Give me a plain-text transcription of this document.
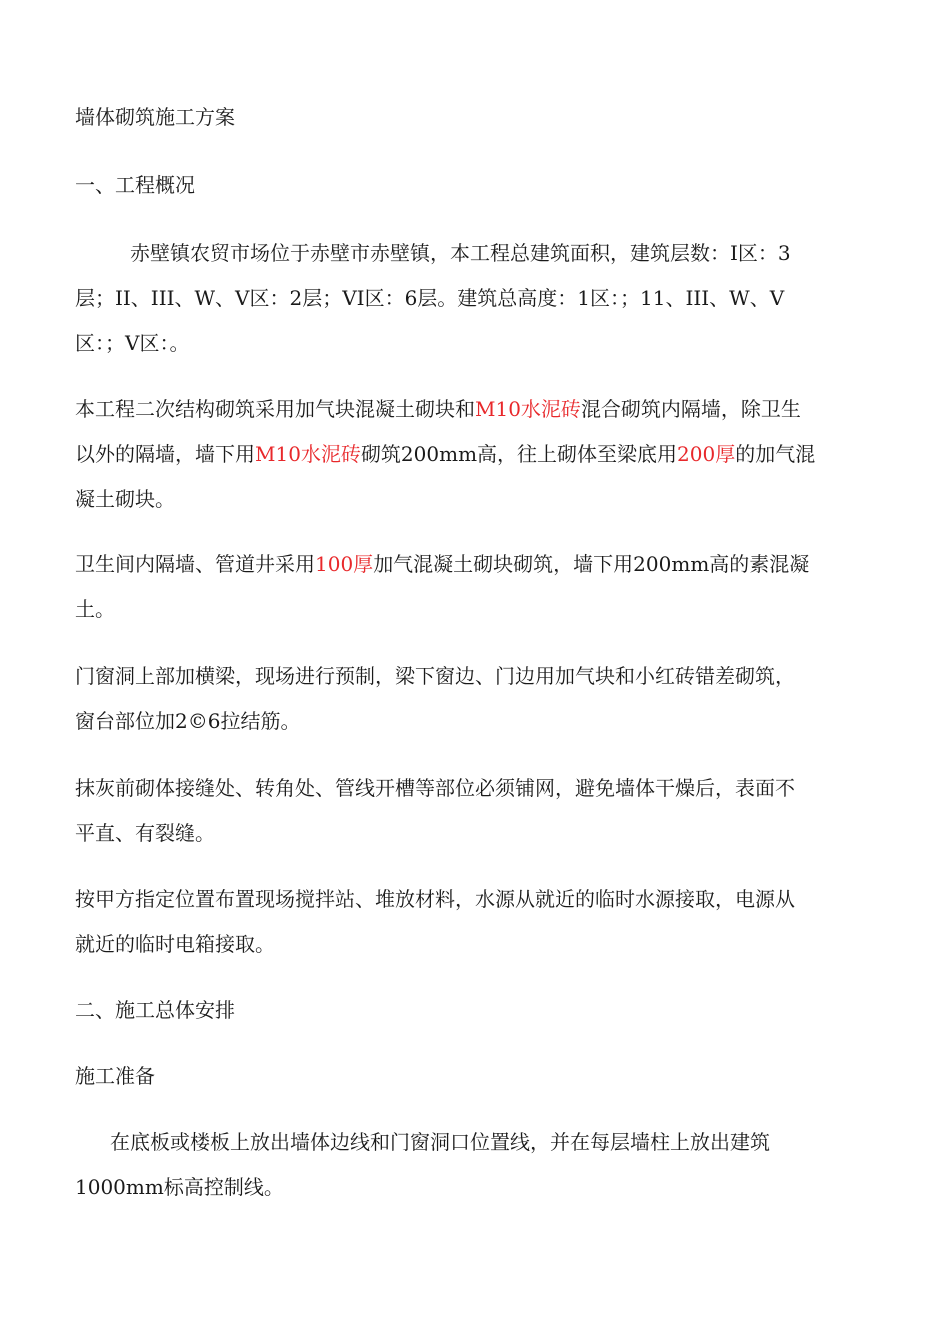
墙体砌筑施工方案
一、工程概况
赤壁镇农贸市场位于赤壁市赤壁镇，本工程总建筑面积，建筑层数：I区：3
层；II、III、W、V区：2层；VI区：6层。建筑总高度：1区：；11、III、W、V
区：；V区：。
本工程二次结构砌筑采用加气块混凝土砌块和M10水泥砖混合砌筑内隔墙，除卫生
以外的隔墙，墙下用M10水泥砖砌筑200mm高，往上砌体至梁底用200厚的加气混
凝土砌块。
卫生间内隔墙、管道井采用100厚加气混凝土砌块砌筑，墙下用200mm高的素混凝
土。
门窗洞上部加横梁，现场进行预制，梁下窗边、门边用加气块和小红砖错差砌筑，
窗台部位加2©6拉结筋。
抹灰前砌体接缝处、转角处、管线开槽等部位必须铺网，避免墙体干燥后，表面不
平直、有裂缝。
按甲方指定位置布置现场搅拌站、堆放材料，水源从就近的临时水源接取，电源从
就近的临时电箱接取。
二、施工总体安排
施工准备
在底板或楼板上放出墙体边线和门窗洞口位置线，并在每层墙柱上放出建筑
1000mm标高控制线。
